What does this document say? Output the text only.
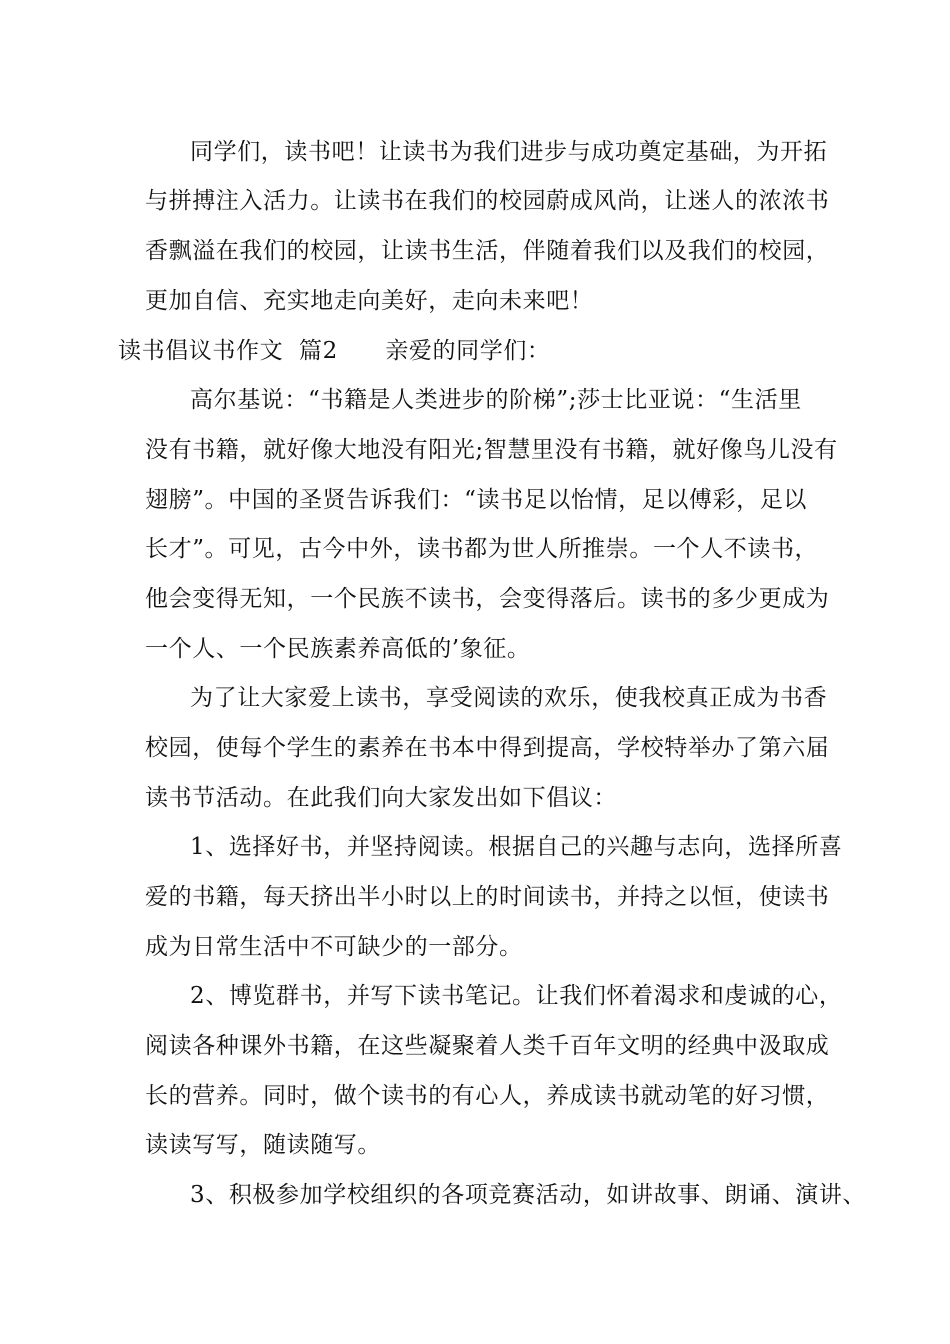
同学们，读书吧！让读书为我们进步与成功奠定基础，为开拓
与拼搏注入活力。让读书在我们的校园蔚成风尚，让迷人的浓浓书
香飘溢在我们的校园，让读书生活，伴随着我们以及我们的校园，
更加自信、充实地走向美好，走向未来吧！
读书倡议书作文  篇2      亲爱的同学们：
高尔基说：“书籍是人类进步的阶梯”;莎士比亚说：“生活里
没有书籍，就好像大地没有阳光;智慧里没有书籍，就好像鸟儿没有
翅膀”。中国的圣贤告诉我们：“读书足以怡情，足以傅彩，足以
长才”。可见，古今中外，读书都为世人所推崇。一个人不读书，
他会变得无知，一个民族不读书，会变得落后。读书的多少更成为
一个人、一个民族素养高低的’象征。
为了让大家爱上读书，享受阅读的欢乐，使我校真正成为书香
校园，使每个学生的素养在书本中得到提高，学校特举办了第六届
读书节活动。在此我们向大家发出如下倡议：
1、选择好书，并坚持阅读。根据自己的兴趣与志向，选择所喜
爱的书籍，每天挤出半小时以上的时间读书，并持之以恒，使读书
成为日常生活中不可缺少的一部分。
2、博览群书，并写下读书笔记。让我们怀着渴求和虔诚的心，
阅读各种课外书籍，在这些凝聚着人类千百年文明的经典中汲取成
长的营养。同时，做个读书的有心人，养成读书就动笔的好习惯，
读读写写，随读随写。
3、积极参加学校组织的各项竞赛活动，如讲故事、朗诵、演讲、
